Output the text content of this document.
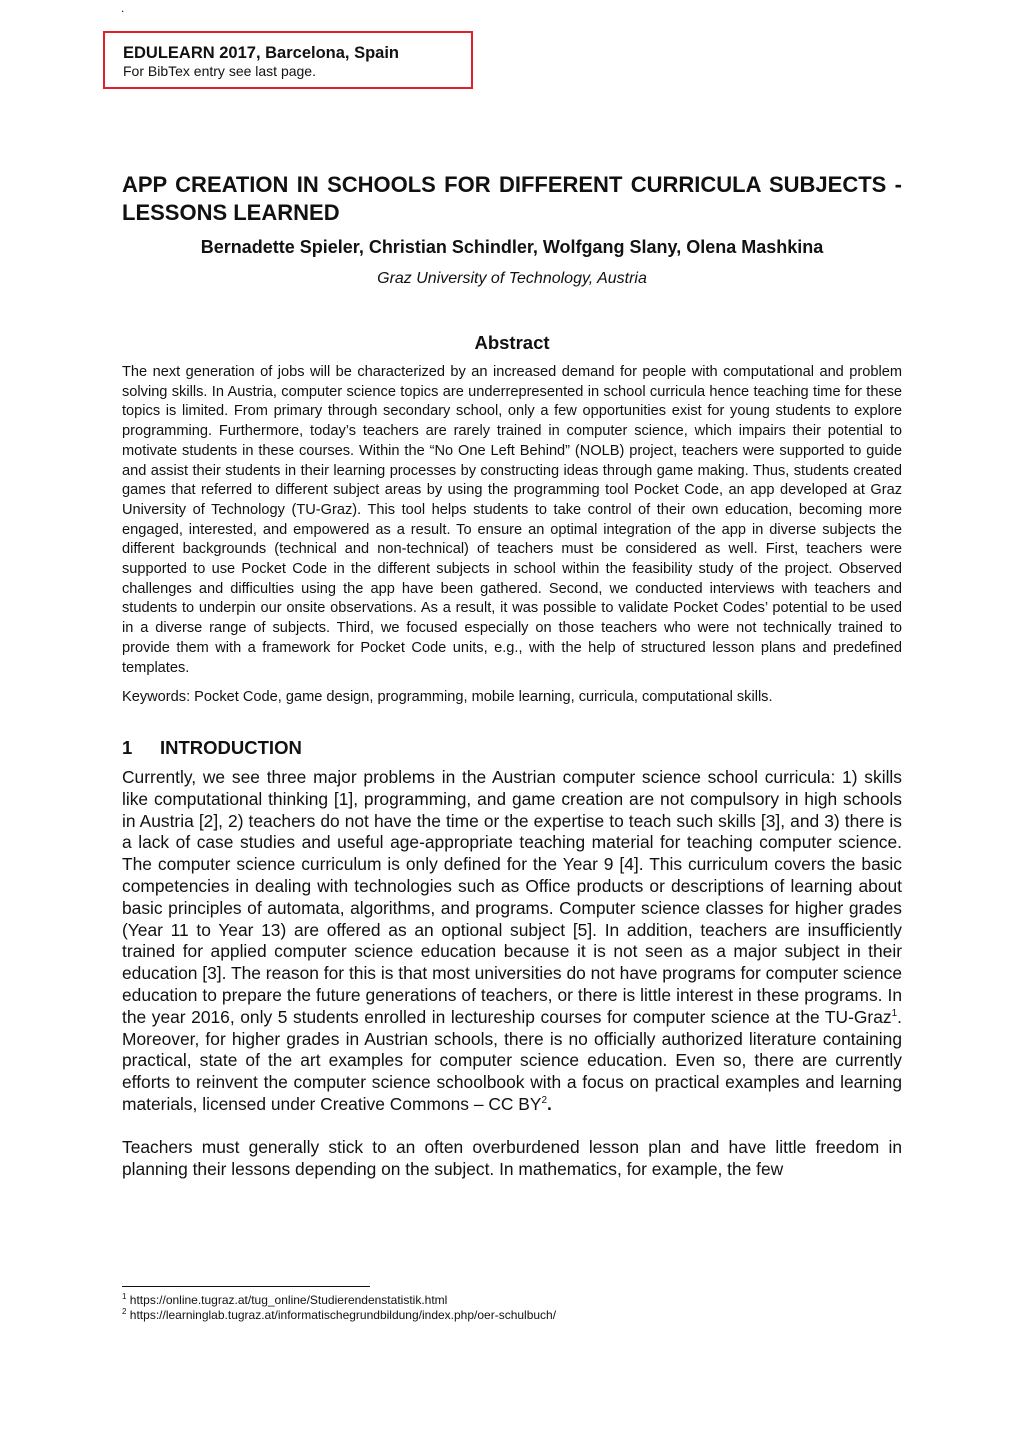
.
EDULEARN 2017, Barcelona, Spain
For BibTex entry see last page.
APP CREATION IN SCHOOLS FOR DIFFERENT CURRICULA SUBJECTS - LESSONS LEARNED
Bernadette Spieler, Christian Schindler, Wolfgang Slany, Olena Mashkina
Graz University of Technology, Austria
Abstract
The next generation of jobs will be characterized by an increased demand for people with computational and problem solving skills. In Austria, computer science topics are underrepresented in school curricula hence teaching time for these topics is limited. From primary through secondary school, only a few opportunities exist for young students to explore programming. Furthermore, today’s teachers are rarely trained in computer science, which impairs their potential to motivate students in these courses. Within the “No One Left Behind” (NOLB) project, teachers were supported to guide and assist their students in their learning processes by constructing ideas through game making. Thus, students created games that referred to different subject areas by using the programming tool Pocket Code, an app developed at Graz University of Technology (TU-Graz). This tool helps students to take control of their own education, becoming more engaged, interested, and empowered as a result. To ensure an optimal integration of the app in diverse subjects the different backgrounds (technical and non-technical) of teachers must be considered as well. First, teachers were supported to use Pocket Code in the different subjects in school within the feasibility study of the project. Observed challenges and difficulties using the app have been gathered. Second, we conducted interviews with teachers and students to underpin our onsite observations. As a result, it was possible to validate Pocket Codes’ potential to be used in a diverse range of subjects. Third, we focused especially on those teachers who were not technically trained to provide them with a framework for Pocket Code units, e.g., with the help of structured lesson plans and predefined templates.
Keywords: Pocket Code, game design, programming, mobile learning, curricula, computational skills.
1	INTRODUCTION

Currently, we see three major problems in the Austrian computer science school curricula: 1) skills like computational thinking [1], programming, and game creation are not compulsory in high schools in Austria [2], 2) teachers do not have the time or the expertise to teach such skills [3], and 3) there is a lack of case studies and useful age-appropriate teaching material for teaching computer science. The computer science curriculum is only defined for the Year 9 [4]. This curriculum covers the basic competencies in dealing with technologies such as Office products or descriptions of learning about basic principles of automata, algorithms, and programs. Computer science classes for higher grades (Year 11 to Year 13) are offered as an optional subject [5]. In addition, teachers are insufficiently trained for applied computer science education because it is not seen as a major subject in their education [3]. The reason for this is that most universities do not have programs for computer science education to prepare the future generations of teachers, or there is little interest in these programs. In the year 2016, only 5 students enrolled in lectureship courses for computer science at the TU-Graz$^1$. Moreover, for higher grades in Austrian schools, there is no officially authorized literature containing practical, state of the art examples for computer science education. Even so, there are currently efforts to reinvent the computer science schoolbook with a focus on practical examples and learning materials, licensed under Creative Commons – CC $BY^2$.

Teachers must generally stick to an often overburdened lesson plan and have little freedom in planning their lessons depending on the subject. In mathematics, for example, the few

$^1$ https://online.tugraz.at/tug_online/Studierendenstatistik.html
$^2$ https://learninglab.tugraz.at/informatischegrundbildung/index.php/oer-schulbuch/
